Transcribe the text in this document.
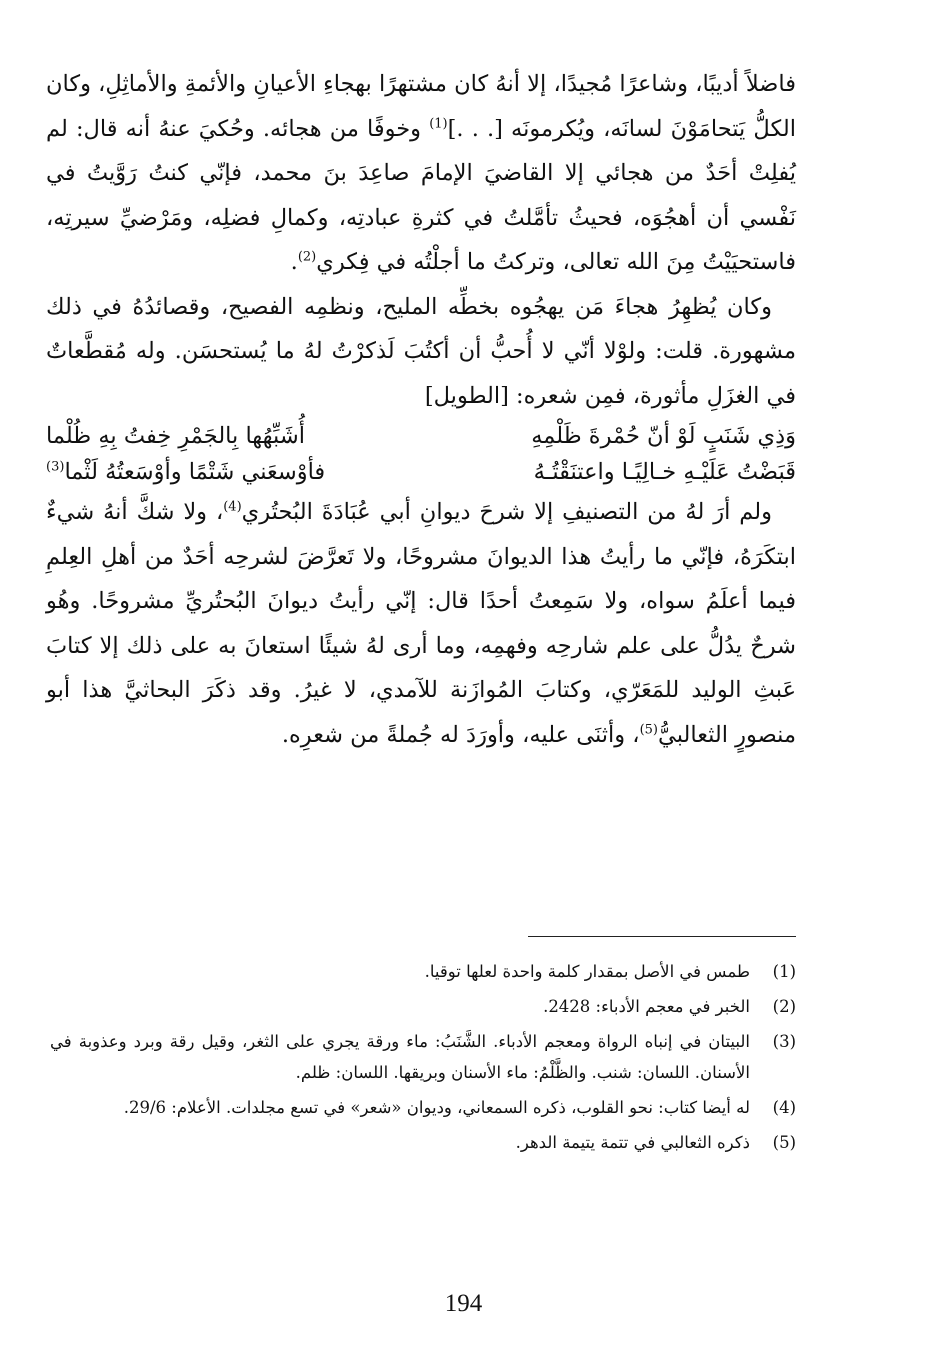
فاضلاً أديبًا، وشاعرًا مُجيدًا، إلا أنهُ كان مشتهرًا بهجاءِ الأعيانِ والأئمةِ والأماثِلِ، وكان الكلُّ يَتحامَوْنَ لسانَه، ويُكرمونَه [. . .]$^{(1)}$ وخوفًا من هجائه. وحُكيَ عنهُ أنه قال: لم يُفلِتْ أحَدٌ من هجائي إلا القاضيَ الإمامَ صاعِدَ بنَ محمد، فإنّي كنتُ رَوَّيتُ في نَفْسي أن أهجُوَه، فحيثُ تأمَّلتُ في كثرةِ عبادتِه، وكمالِ فضلِه، ومَرْضيِّ سيرتِه، فاستحيَيْتُ مِنَ الله تعالى، وتركتُ ما أجلْتُه في فِكري$^{(2)}$.

وكان يُظهِرُ هجاءَ مَن يهجُوه بخطِّه المليح، ونظمِه الفصيح، وقصائدُهُ في ذلك مشهورة. قلت: ولوْلا أنّي لا أُحبُّ أن أكتُبَ لَذكرْتُ لهُ ما يُستحسَن. وله مُقطَّعاتٌ في الغزَلِ مأثورة، فمِن شعره: [الطويل]

وَذِي شَنَبٍ لَوْ أنّ حُمْرةَ ظَلْمِهِ
أُشَبِّهُها بِالجَمْرِ خِفتُ بِهِ ظُلْما
قَبَضْتُ عَلَيْـهِ خـالِيًـا واعتنَقْتُـهُ
فأوْسعَني شَتْمًا وأوْسَعتُهُ لَثْما$^{(3)}$

ولم أرَ لهُ من التصنيفِ إلا شرحَ ديوانِ أبي عُبَادَةَ البُحتُري$^{(4)}$، ولا شكَّ أنهُ شيءٌ ابتكَرَهُ، فإنّي ما رأيتُ هذا الديوانَ مشروحًا، ولا تَعرَّضَ لشرحِه أحَدٌ من أهلِ العِلمِ فيما أعلَمُ سواه، ولا سَمِعتُ أحدًا قال: إنّي رأيتُ ديوانَ البُحتُريِّ مشروحًا. وهُو شرحٌ يدُلُّ على علم شارحِه وفهمِه، وما أرى لهُ شيئًا استعانَ به على ذلك إلا كتابَ عَبثِ الوليد للمَعَرّي، وكتابَ المُوازَنة للآمدي، لا غيرُ. وقد ذكَرَ البحاثيَّ هذا أبو منصورٍ الثعالبيُّ$^{(5)}$، وأثنَى عليه، وأورَدَ له جُملةً من شعرِه.

(1)
طمس في الأصل بمقدار كلمة واحدة لعلها توقيا.
(2)
الخبر في معجم الأدباء: 2428.
(3)
البيتان في إنباه الرواة ومعجم الأدباء. الشَّنَبُ: ماء ورقة يجري على الثغر، وقيل رقة وبرد وعذوبة في الأسنان. اللسان: شنب. والظَّلْمُ: ماء الأسنان وبريقها. اللسان: ظلم.
(4)
له أيضا كتاب: نحو القلوب، ذكره السمعاني، وديوان «شعر» في تسع مجلدات. الأعلام: 29/6.
(5)
ذكره الثعالبي في تتمة يتيمة الدهر.
194
